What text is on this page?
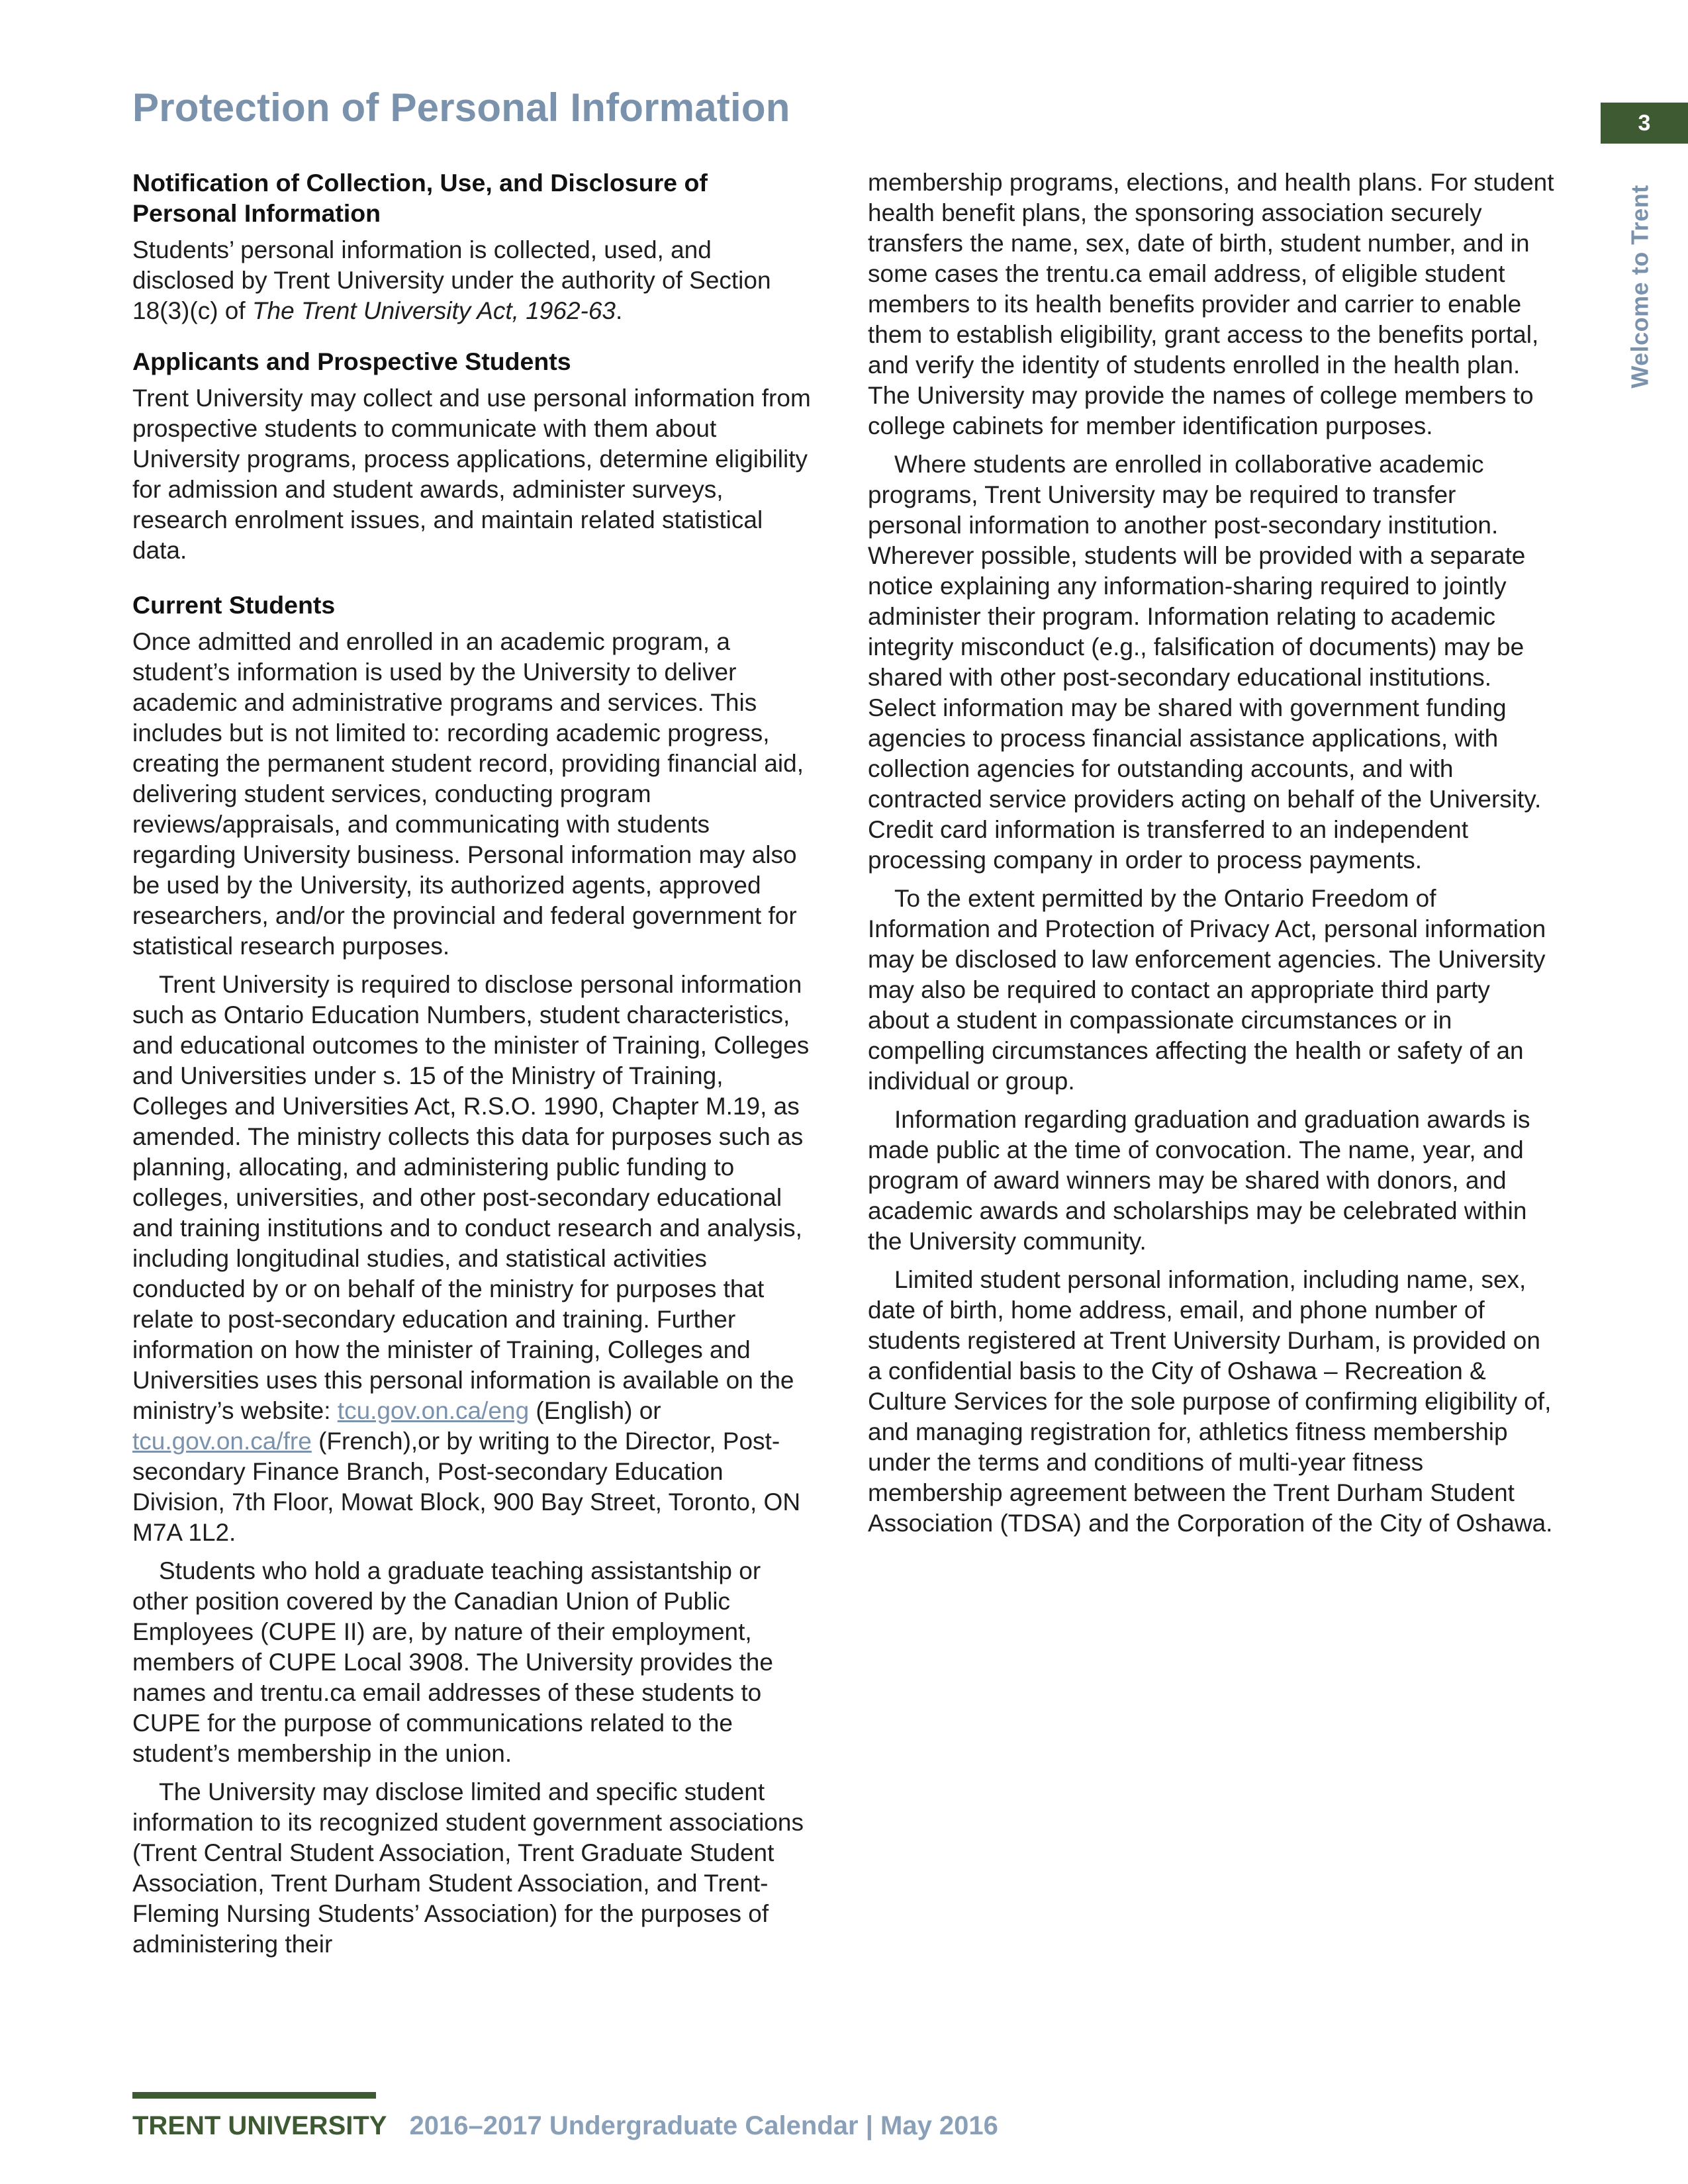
Protection of Personal Information	3
Welcome to Trent
Notification of Collection, Use, and Disclosure of
Personal Information

Students’ personal information is collected, used, and disclosed by Trent University under the authority of Section 18(3)(c) of The Trent University Act, 1962-63.

Applicants and Prospective Students

Trent University may collect and use personal information from prospective students to communicate with them about University programs, process applications, determine eligibility for admission and student awards, administer surveys, research enrolment issues, and maintain related statistical data.

Current Students

Once admitted and enrolled in an academic program, a student’s information is used by the University to deliver academic and administrative programs and services. This includes but is not limited to: recording academic progress, creating the permanent student record, providing financial aid, delivering student services, conducting program reviews/appraisals, and communicating with students regarding University business. Personal information may also be used by the University, its authorized agents, approved researchers, and/or the provincial and federal government for statistical research purposes.

Trent University is required to disclose personal information such as Ontario Education Numbers, student characteristics, and educational outcomes to the minister of Training, Colleges and Universities under s. 15 of the Ministry of Training, Colleges and Universities Act, R.S.O. 1990, Chapter M.19, as amended. The ministry collects this data for purposes such as planning, allocating, and administering public funding to colleges, universities, and other post-secondary educational and training institutions and to conduct research and analysis, including longitudinal studies, and statistical activities conducted by or on behalf of the ministry for purposes that relate to post-secondary education and training. Further information on how the minister of Training, Colleges and Universities uses this personal information is available on the ministry’s website: tcu.gov.on.ca/eng (English) or tcu.gov.on.ca/fre (French),or by writing to the Director, Post-secondary Finance Branch, Post-secondary Education Division, 7th Floor, Mowat Block, 900 Bay Street, Toronto, ON M7A 1L2.

Students who hold a graduate teaching assistantship or other position covered by the Canadian Union of Public Employees (CUPE II) are, by nature of their employment, members of CUPE Local 3908. The University provides the names and trentu.ca email addresses of these students to CUPE for the purpose of communications related to the student’s membership in the union.

The University may disclose limited and specific student information to its recognized student government associations (Trent Central Student Association, Trent Graduate Student Association, Trent Durham Student Association, and Trent-Fleming Nursing Students’ Association) for the purposes of administering their

membership programs, elections, and health plans. For student health benefit plans, the sponsoring association securely transfers the name, sex, date of birth, student number, and in some cases the trentu.ca email address, of eligible student members to its health benefits provider and carrier to enable them to establish eligibility, grant access to the benefits portal, and verify the identity of students enrolled in the health plan. The University may provide the names of college members to college cabinets for member identification purposes.

Where students are enrolled in collaborative academic programs, Trent University may be required to transfer personal information to another post-secondary institution. Wherever possible, students will be provided with a separate notice explaining any information-sharing required to jointly administer their program. Information relating to academic integrity misconduct (e.g., falsification of documents) may be shared with other post-secondary educational institutions. Select information may be shared with government funding agencies to process financial assistance applications, with collection agencies for outstanding accounts, and with contracted service providers acting on behalf of the University. Credit card information is transferred to an independent processing company in order to process payments.

To the extent permitted by the Ontario Freedom of Information and Protection of Privacy Act, personal information may be disclosed to law enforcement agencies. The University may also be required to contact an appropriate third party about a student in compassionate circumstances or in compelling circumstances affecting the health or safety of an individual or group.

Information regarding graduation and graduation awards is made public at the time of convocation. The name, year, and program of award winners may be shared with donors, and academic awards and scholarships may be celebrated within the University community.

Limited student personal information, including name, sex, date of birth, home address, email, and phone number of students registered at Trent University Durham, is provided on a confidential basis to the City of Oshawa – Recreation & Culture Services for the sole purpose of confirming eligibility of, and managing registration for, athletics fitness membership under the terms and conditions of multi-year fitness membership agreement between the Trent Durham Student Association (TDSA) and the Corporation of the City of Oshawa.

TRENT UNIVERSITY 2016–2017 Undergraduate Calendar | May 2016
